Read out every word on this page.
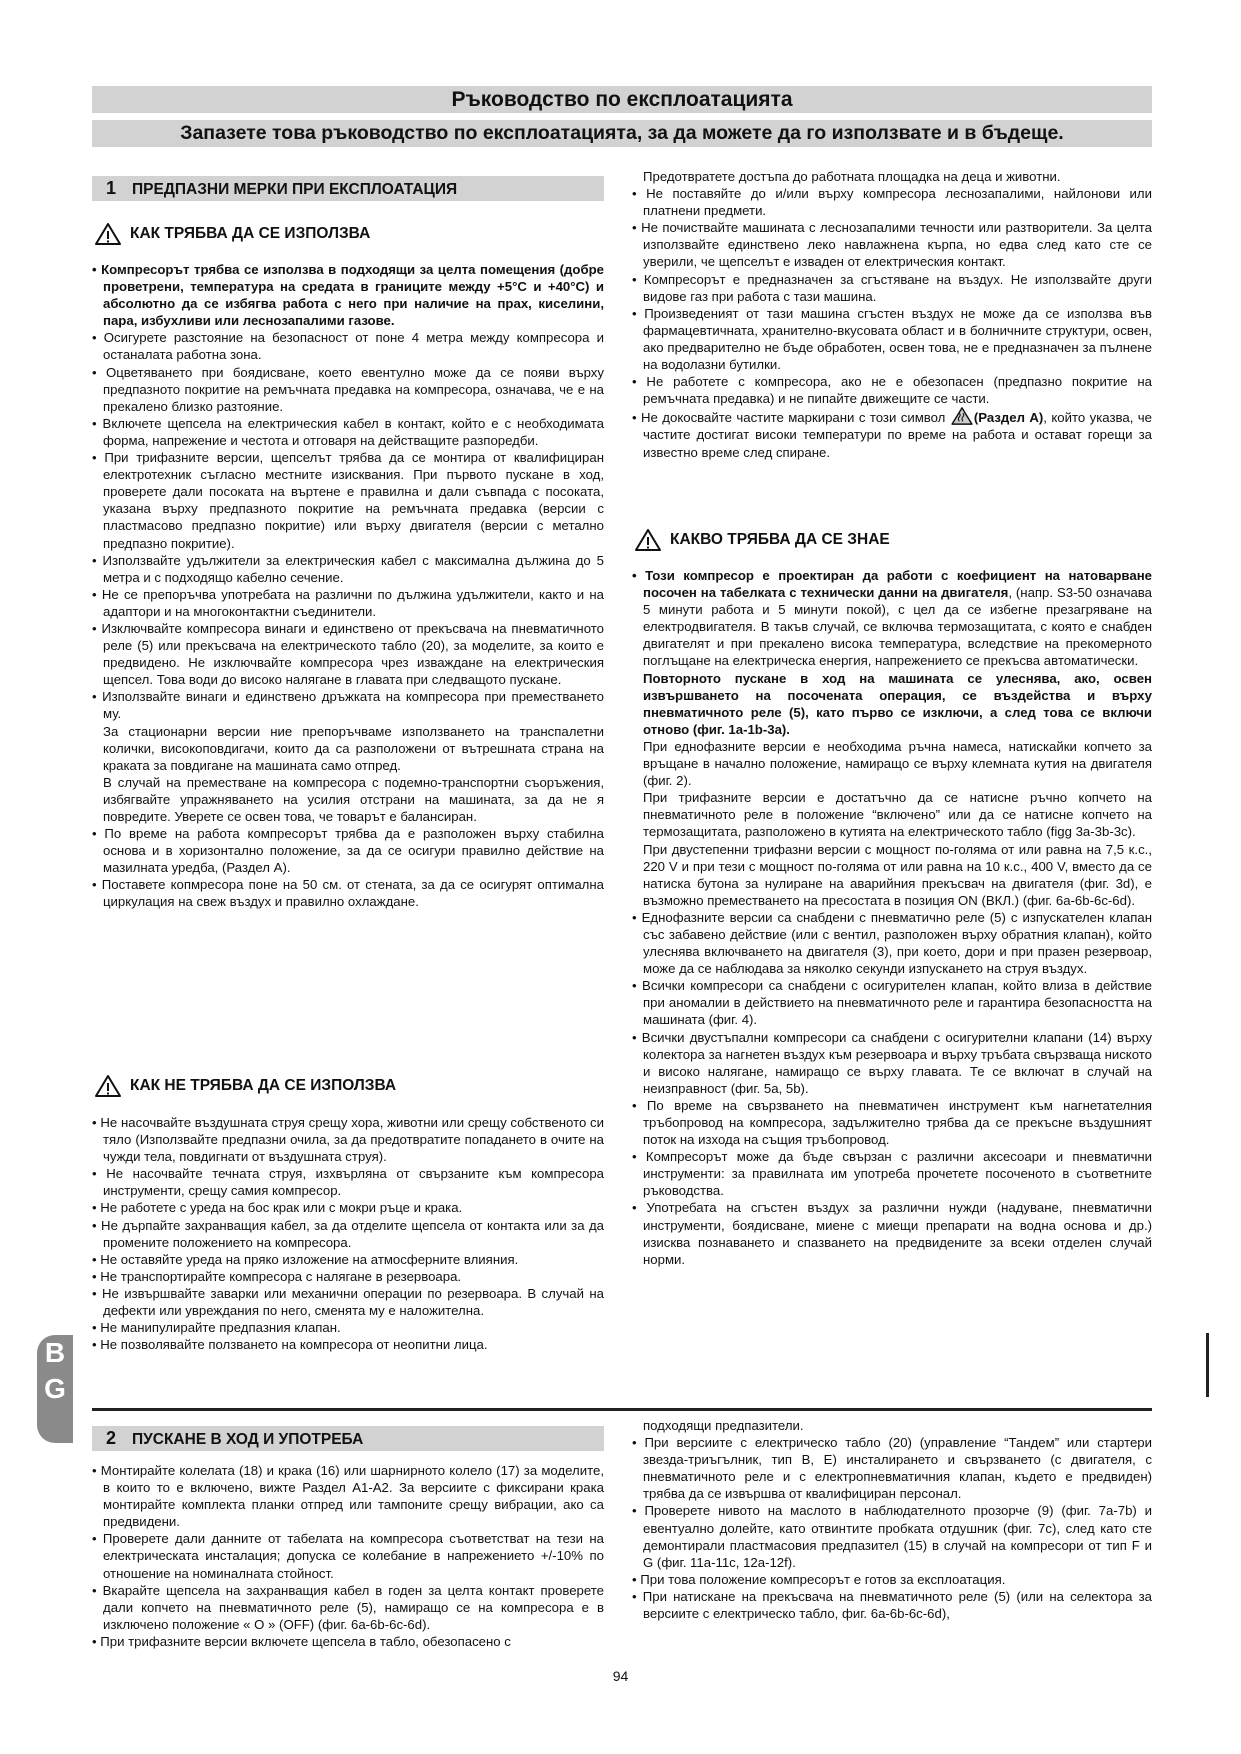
Ръководство по експлоатацията
Запазете това ръководство по експлоатацията, за да можете да го използвате и в бъдеще.
1 ПРЕДПАЗНИ МЕРКИ ПРИ ЕКСПЛОАТАЦИЯ
КАК ТРЯБВА ДА СЕ ИЗПОЛЗВА

• Компресорът трябва се използва в подходящи за целта помещения (добре проветрени, температура на средата в границите между +5°C и +40°C) и абсолютно да се избягва работа с него при наличие на прах, киселини, пара, избухливи или леснозапалими газове.

• Осигурете разстояние на безопасност от поне 4 метра между компресора и останалата работна зона.

• Оцветяването при боядисване, което евентулно може да се появи върху предпазното покритие на ремъчната предавка на компресора, означава, че е на прекалено близко разтояние.

• Включете щепсела на електрическия кабел в контакт, който е с необходимата форма, напрежение и честота и отговаря на действащите разпоредби.

• При трифазните версии, щепселът трябва да се монтира от квалифициран електротехник съгласно местните изисквания. При първото пускане в ход, проверете дали посоката на въртене е правилна и дали съвпада с посоката, указана върху предпазното покритие на ремъчната предавка (версии с пластмасово предпазно покритие) или върху двигателя (версии с метално предпазно покритие).

• Използвайте удължители за електрическия кабел с максимална дължина до 5 метра и с подходящо кабелно сечение.

• Не се препоръчва употребата на различни по дължина удължители, както и на адаптори и на многоконтактни съединители.

• Изключвайте компресора винаги и единствено от прекъсвача на пневматичното реле (5) или прекъсвача на електрическото табло (20), за моделите, за които е предвидено. Не изключвайте компресора чрез изваждане на електрическия щепсел. Това води до високо налягане в главата при следващото пускане.

• Използвайте винаги и единствено дръжката на компресора при преместването му.

За стационарни версии ние препоръчваме използването на транспалетни колички, високоповдигачи, които да са разположени от вътрешната страна на краката за повдигане на машината само отпред.

В случай на преместване на компресора с подемно-транспортни съоръжения, избягвайте упражняването на усилия отстрани на машината, за да не я повредите. Уверете се освен това, че товарът е балансиран.

• По време на работа компресорът трябва да е разположен върху стабилна основа и в хоризонтално положение, за да се осигури правилно действие на мазилната уредба, (Раздел А).

• Поставете копмресора поне на 50 см. от стената, за да се осигурят оптимална циркулация на свеж въздух и правилно охлаждане.

КАК НЕ ТРЯБВА ДА СЕ ИЗПОЛЗВА

• Не насочвайте въздушната струя срещу хора, животни или срещу собственото си тяло (Използвайте предпазни очила, за да предотвратите попадането в очите на чужди тела, повдигнати от въздушната струя).

• Не насочвайте течната струя, изхвърляна от свързаните към компресора инструменти, срещу самия компресор.

• Не работете с уреда на бос крак или с мокри ръце и крака.

• Не дърпайте захранващия кабел, за да отделите щепсела от контакта или за да промените положението на компресора.

• Не оставяйте уреда на пряко изложение на атмосферните влияния.

• Не транспортирайте компресора с налягане в резервоара.

• Не извършвайте заварки или механични операции по резервоара. В случай на дефекти или увреждания по него, сменята му е наложителна.

• Не манипулирайте предпазния клапан.

• Не позволявайте ползването на компресора от неопитни лица.

Предотвратете достъпа до работната площадка на деца и животни.

• Не поставяйте до и/или върху компресора леснозапалими, найлонови или платнени предмети.

• Не почиствайте машината с леснозапалими течности или разтворители. За целта използвайте единствено леко навлажнена кърпа, но едва след като сте се уверили, че щепселът е изваден от електрическия контакт.

• Компресорът е предназначен за сгъстяване на въздух. Не използвайте други видове газ при работа с тази машина.

• Произведеният от тази машина сгъстен въздух не може да се използва във фармацевтичната, хранително-вкусовата област и в болничните структури, освен, ако предварително не бъде обработен, освен това, не е предназначен за пълнене на водолазни бутилки.

• Не работете с компресора, ако не е обезопасен (предпазно покритие на ремъчната предавка) и не пипайте движещите се части.

• Не докосвайте частите маркирани с този символ (Раздел А), който указва, че частите достигат високи температури по време на работа и остават горещи за известно време след спиране.

КАКВО ТРЯБВА ДА СЕ ЗНАЕ

• Този компресор е проектиран да работи с коефициент на натоварване посочен на табелката с технически данни на двигателя, (напр. S3-50 означава 5 минути работа и 5 минути покой), с цел да се избегне презагряване на електродвигателя. В такъв случай, се включва термозащитата, с която е снабден двигателят и при прекалено висока температура, вследствие на прекомерното поглъщане на електрическа енергия, напрежението се прекъсва автоматически.

Повторното пускане в ход на машината се улеснява, ако, освен извършването на посочената операция, се въздейства и върху пневматичното реле (5), като първо се изключи, а след това се включи отново (фиг. 1а-1b-3а).

При еднофазните версии е необходима ръчна намеса, натискайки копчето за връщане в начално положение, намиращо се върху клемната кутия на двигателя (фиг. 2).

При трифазните версии е достатъчно да се натисне ръчно копчето на пневматичното реле в положение “включено” или да се натисне копчето на термозащитата, разположено в кутията на електрическото табло (figg 3а-3b-3c).

При двустепенни трифазни версии с мощност по-голяма от или равна на 7,5 к.с., 220 V и при тези с мощност по-голяма от или равна на 10 к.с., 400 V, вместо да се натиска бутона за нулиране на аварийния прекъсвач на двигателя (фиг. 3d), е възможно преместването на пресостата в позиция ON (ВКЛ.) (фиг. 6a-6b-6c-6d).

• Еднофазните версии са снабдени с пневматично реле (5) с изпускателен клапан със забавено действие (или с вентил, разположен върху обратния клапан), който улеснява включването на двигателя (3), при което, дори и при празен резервоар, може да се наблюдава за няколко секунди изпускането на струя въздух.

• Всички компресори са снабдени с осигурителен клапан, който влиза в действие при аномалии в действието на пневматичното реле и гарантира безопасността на машината (фиг. 4).

• Всички двустъпални компресори са снабдени с осигурителни клапани (14) върху колектора за нагнетен въздух към резервоара и върху тръбата свързваща ниското и високо налягане, намиращо се върху главата. Те се включат в случай на неизправност (фиг. 5а, 5b).

• По време на свързването на пневматичен инструмент към нагнетателния тръбопровод на компресора, задължително трябва да се прекъсне въздушният поток на изхода на същия тръбопровод.

• Компресорът може да бъде свързан с различни аксесоари и пневматични инструменти: за правилната им употреба прочетете посоченото в съответните ръководства.

• Употребата на сгъстен въздух за различни нужди (надуване, пневматични инструменти, боядисване, миене с миещи препарати на водна основа и др.) изисква познаването и спазването на предвидените за всеки отделен случай норми.

B
G
2 ПУСКАНЕ В ХОД И УПОТРЕБА

• Монтирайте колелата (18) и крака (16) или шарнирното колело (17) за моделите, в които то е включено, вижте Раздел А1-А2. За версиите с фиксирани крака монтирайте комплекта планки отпред или тампоните срещу вибрации, ако са предвидени.

• Проверете дали данните от табелата на компресора съответстват на тези на електрическата инсталация; допуска се колебание в напрежението +/-10% по отношение на номиналната стойност.

• Вкарайте щепсела на захранващия кабел в годен за целта контакт проверете дали копчето на пневматичното реле (5), намиращо се на компресора е в изключено положение « O » (OFF) (фиг. 6a-6b-6c-6d).

• При трифазните версии включете щепсела в табло, обезопасено с

подходящи предпазители.

• При версиите с електрическо табло (20) (управление “Тандем” или стартери звезда-триъгълник, тип В, Е) инсталирането и свързването (с двигателя, с пневматичното реле и с електропневматичния клапан, където е предвиден) трябва да се извършва от квалифициран персонал.

• Проверете нивото на маслото в наблюдателното прозорче (9) (фиг. 7a-7b) и евентуално долейте, като отвинтите пробката отдушник (фиг. 7c), след като сте демонтирали пластмасовия предпазител (15) в случай на компресори от тип F и G (фиг. 11a-11c, 12a-12f).

• При това положение компресорът е готов за експлоатация.

• При натискане на прекъсвача на пневматичното реле (5) (или на селектора за версиите с електрическо табло, фиг. 6a-6b-6c-6d),

94
